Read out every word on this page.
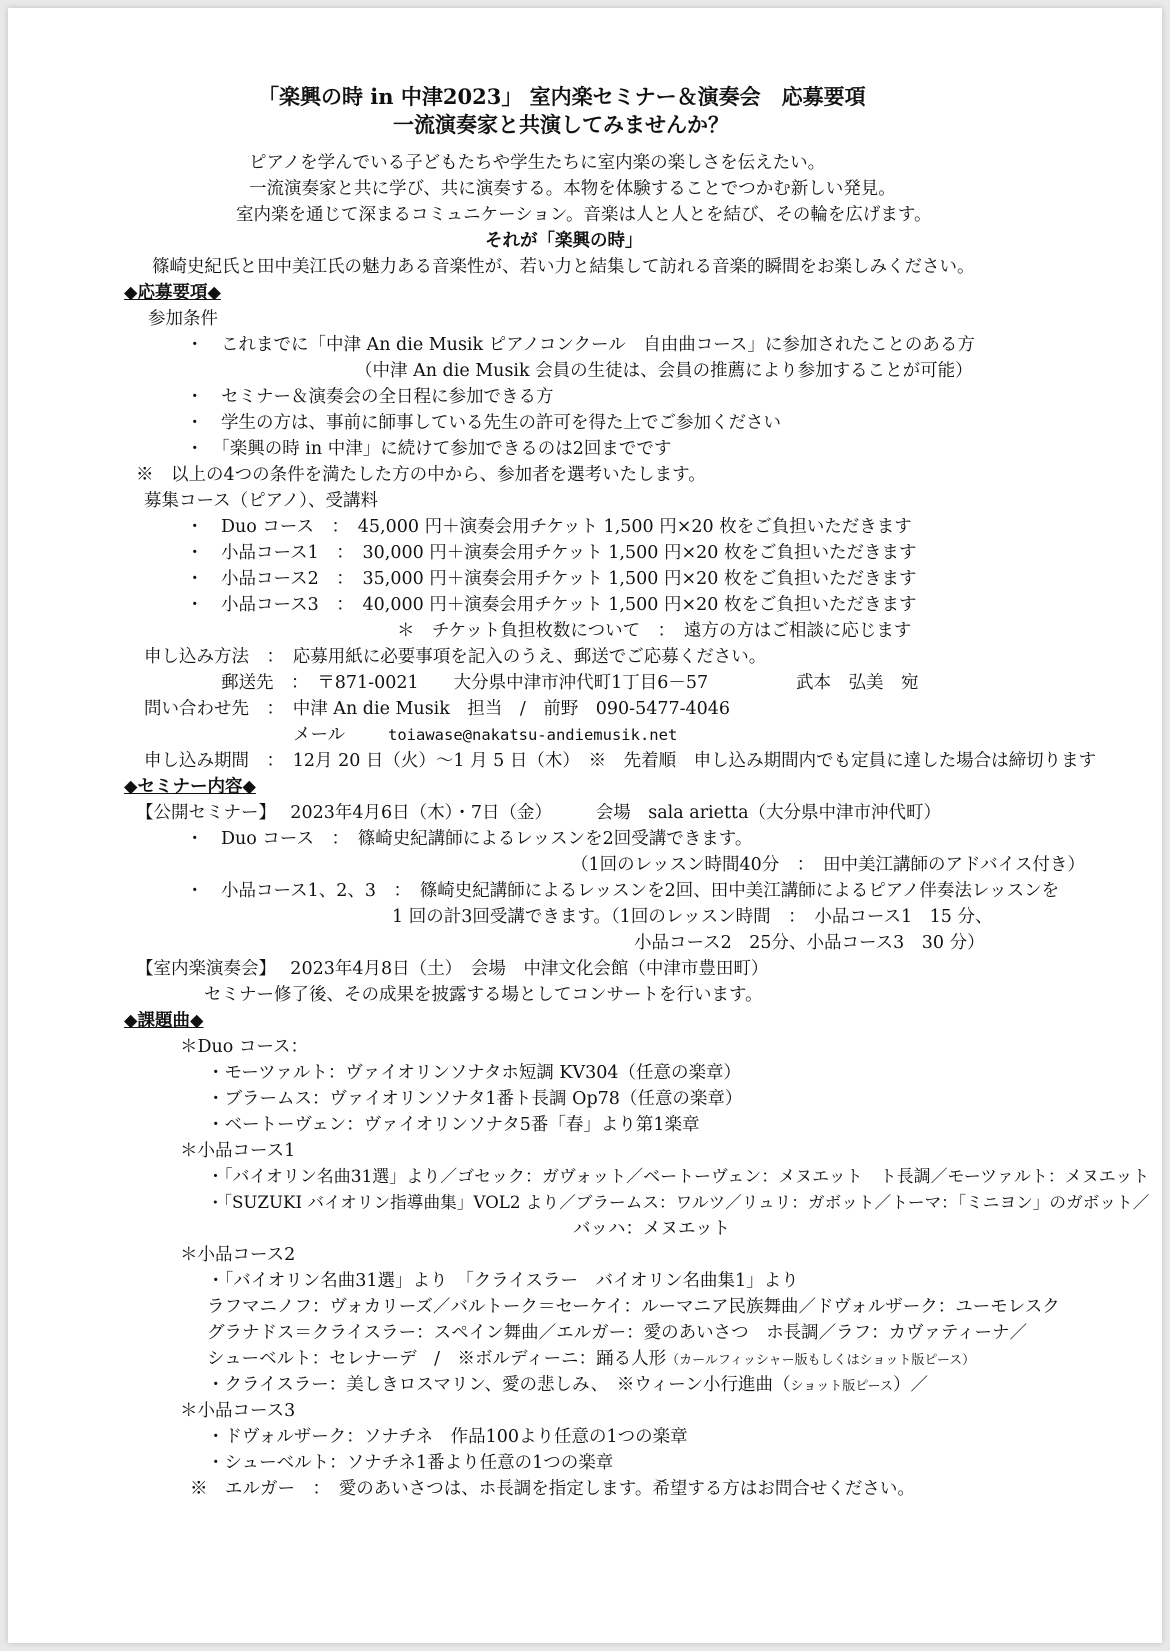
「楽興の時 in 中津2023」 室内楽セミナー＆演奏会　応募要項
一流演奏家と共演してみませんか？
ピアノを学んでいる子どもたちや学生たちに室内楽の楽しさを伝えたい。
一流演奏家と共に学び、共に演奏する。本物を体験することでつかむ新しい発見。
室内楽を通じて深まるコミュニケーション。音楽は人と人とを結び、その輪を広げます。
それが「楽興の時」
篠崎史紀氏と田中美江氏の魅力ある音楽性が、若い力と結集して訪れる音楽的瞬間をお楽しみください。
◆応募要項◆
参加条件
・　これまでに「中津 An die Musik ピアノコンクール　自由曲コース」に参加されたことのある方
（中津 An die Musik 会員の生徒は、会員の推薦により参加することが可能）
・　セミナー＆演奏会の全日程に参加できる方
・　学生の方は、事前に師事している先生の許可を得た上でご参加ください
・　「楽興の時 in 中津」に続けて参加できるのは2回までです
※　以上の4つの条件を満たした方の中から、参加者を選考いたします。
募集コース（ピアノ）、受講料
・　Duo コース　：　45,000 円＋演奏会用チケット 1,500 円×20 枚をご負担いただきます
・　小品コース1　：　30,000 円＋演奏会用チケット 1,500 円×20 枚をご負担いただきます
・　小品コース2　：　35,000 円＋演奏会用チケット 1,500 円×20 枚をご負担いただきます
・　小品コース3　：　40,000 円＋演奏会用チケット 1,500 円×20 枚をご負担いただきます
＊　チケット負担枚数について　：　遠方の方はご相談に応じます
申し込み方法　：　応募用紙に必要事項を記入のうえ、郵送でご応募ください。
郵送先　：　〒871-0021　　大分県中津市沖代町1丁目6－57	武本　弘美　宛
問い合わせ先　：　中津 An die Musik　担当　/　前野　090-5477-4046
メール	toiawase@nakatsu-andiemusik.net
申し込み期間　：　12月 20 日（火）～1 月 5 日（木）　※　先着順　申し込み期間内でも定員に達した場合は締切ります
◆セミナー内容◆
【公開セミナー】　 2023年4月6日（木）・7日（金）　　　会場　sala arietta（大分県中津市沖代町）
・　Duo コース　：　篠崎史紀講師によるレッスンを2回受講できます。
（1回のレッスン時間40分　：　田中美江講師のアドバイス付き）
・　小品コース1、2、3　：　篠崎史紀講師によるレッスンを2回、田中美江講師によるピアノ伴奏法レッスンを
1 回の計3回受講できます。（1回のレッスン時間　：　小品コース1　15 分、
小品コース2　25分、小品コース3　30 分）
【室内楽演奏会】　 2023年4月8日（土）　会場　中津文化会館（中津市豊田町）
セミナー修了後、その成果を披露する場としてコンサートを行います。
◆課題曲◆
＊Duo コース：
・モーツァルト：ヴァイオリンソナタホ短調 KV304（任意の楽章）
・ブラームス：ヴァイオリンソナタ1番ト長調 Op78（任意の楽章）
・ベートーヴェン：ヴァイオリンソナタ5番「春」より第1楽章
＊小品コース1
・「バイオリン名曲31選」より／ゴセック：ガヴォット／ベートーヴェン：メヌエット　ト長調／モーツァルト：メヌエット
・「SUZUKI バイオリン指導曲集」VOL2 より／ブラームス：ワルツ／リュリ：ガボット／トーマ：「ミニヨン」のガボット／
バッハ：メヌエット
＊小品コース2
・「バイオリン名曲31選」より　「クライスラー　バイオリン名曲集1」より
ラフマニノフ：ヴォカリーズ／バルトーク＝セーケイ：ルーマニア民族舞曲／ドヴォルザーク：ユーモレスク
グラナドス＝クライスラー：スペイン舞曲／エルガー：愛のあいさつ　ホ長調／ラフ：カヴァティーナ／
シューベルト：セレナーデ　/　※ボルディーニ：踊る人形（カールフィッシャー版もしくはショット版ピース）
・クライスラー：美しきロスマリン、愛の悲しみ、　※ウィーン小行進曲（ショット版ピース）／
＊小品コース3
・ドヴォルザーク：ソナチネ　作品100より任意の1つの楽章
・シューベルト：ソナチネ1番より任意の1つの楽章
※　エルガー　：　愛のあいさつは、ホ長調を指定します。希望する方はお問合せください。
